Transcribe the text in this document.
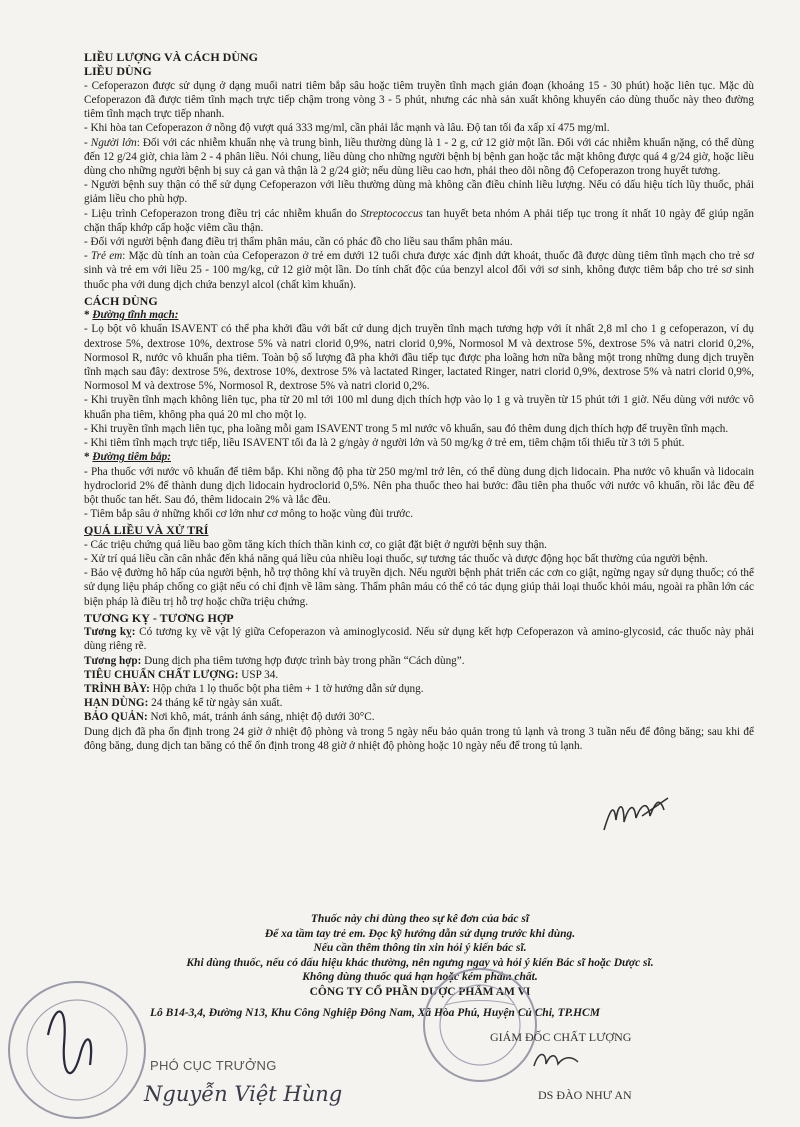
LIỀU LƯỢNG VÀ CÁCH DÙNG

LIỀU DÙNG

- Cefoperazon được sử dụng ở dạng muối natri tiêm bắp sâu hoặc tiêm truyền tĩnh mạch gián đoạn (khoảng 15 - 30 phút) hoặc liên tục. Mặc dù Cefoperazon đã được tiêm tĩnh mạch trực tiếp chậm trong vòng 3 - 5 phút, nhưng các nhà sản xuất không khuyến cáo dùng thuốc này theo đường tiêm tĩnh mạch trực tiếp nhanh.

- Khi hòa tan Cefoperazon ở nồng độ vượt quá 333 mg/ml, cần phải lắc mạnh và lâu. Độ tan tối đa xấp xỉ 475 mg/ml.

- Người lớn: Đối với các nhiễm khuẩn nhẹ và trung bình, liều thường dùng là 1 - 2 g, cứ 12 giờ một lần. Đối với các nhiễm khuẩn nặng, có thể dùng đến 12 g/24 giờ, chia làm 2 - 4 phân liều. Nói chung, liều dùng cho những người bệnh bị bệnh gan hoặc tắc mật không được quá 4 g/24 giờ, hoặc liều dùng cho những người bệnh bị suy cả gan và thận là 2 g/24 giờ; nếu dùng liều cao hơn, phải theo dõi nồng độ Cefoperazon trong huyết tương.

- Người bệnh suy thận có thể sử dụng Cefoperazon với liều thường dùng mà không cần điều chỉnh liều lượng. Nếu có dấu hiệu tích lũy thuốc, phải giảm liều cho phù hợp.

- Liệu trình Cefoperazon trong điều trị các nhiễm khuẩn do Streptococcus tan huyết beta nhóm A phải tiếp tục trong ít nhất 10 ngày để giúp ngăn chặn thấp khớp cấp hoặc viêm cầu thận.

- Đối với người bệnh đang điều trị thẩm phân máu, cần có phác đồ cho liều sau thẩm phân máu.

- Trẻ em: Mặc dù tính an toàn của Cefoperazon ở trẻ em dưới 12 tuổi chưa được xác định dứt khoát, thuốc đã được dùng tiêm tĩnh mạch cho trẻ sơ sinh và trẻ em với liều 25 - 100 mg/kg, cứ 12 giờ một lần. Do tính chất độc của benzyl alcol đối với sơ sinh, không được tiêm bắp cho trẻ sơ sinh thuốc pha với dung dịch chứa benzyl alcol (chất kìm khuẩn).

CÁCH DÙNG

* Đường tĩnh mạch:

- Lọ bột vô khuẩn ISAVENT có thể pha khởi đầu với bất cứ dung dịch truyền tĩnh mạch tương hợp với ít nhất 2,8 ml cho 1 g cefoperazon, ví dụ dextrose 5%, dextrose 10%, dextrose 5% và natri clorid 0,9%, natri clorid 0,9%, Normosol M và dextrose 5%, dextrose 5% và natri clorid 0,2%, Normosol R, nước vô khuẩn pha tiêm. Toàn bộ số lượng đã pha khởi đầu tiếp tục được pha loãng hơn nữa bằng một trong những dung dịch truyền tĩnh mạch sau đây: dextrose 5%, dextrose 10%, dextrose 5% và lactated Ringer, lactated Ringer, natri clorid 0,9%, dextrose 5% và natri clorid 0,9%, Normosol M và dextrose 5%, Normosol R, dextrose 5% và natri clorid 0,2%.

- Khi truyền tĩnh mạch không liên tục, pha từ 20 ml tới 100 ml dung dịch thích hợp vào lọ 1 g và truyền từ 15 phút tới 1 giờ. Nếu dùng với nước vô khuẩn pha tiêm, không pha quá 20 ml cho một lọ.

- Khi truyền tĩnh mạch liên tục, pha loãng mỗi gam ISAVENT trong 5 ml nước vô khuẩn, sau đó thêm dung dịch thích hợp để truyền tĩnh mạch.

- Khi tiêm tĩnh mạch trực tiếp, liều ISAVENT tối đa là 2 g/ngày ở người lớn và 50 mg/kg ở trẻ em, tiêm chậm tối thiểu từ 3 tới 5 phút.

* Đường tiêm bắp:

- Pha thuốc với nước vô khuẩn để tiêm bắp. Khi nồng độ pha từ 250 mg/ml trở lên, có thể dùng dung dịch lidocain. Pha nước vô khuẩn và lidocain hydroclorid 2% để thành dung dịch lidocain hydroclorid 0,5%. Nên pha thuốc theo hai bước: đầu tiên pha thuốc với nước vô khuẩn, rồi lắc đều để bột thuốc tan hết. Sau đó, thêm lidocain 2% và lắc đều.

- Tiêm bắp sâu ở những khối cơ lớn như cơ mông to hoặc vùng đùi trước.

QUÁ LIỀU VÀ XỬ TRÍ

- Các triệu chứng quá liều bao gồm tăng kích thích thần kinh cơ, co giật đặt biệt ở người bệnh suy thận.

- Xử trí quá liều cần cân nhắc đến khả năng quá liều của nhiều loại thuốc, sự tương tác thuốc và dược động học bất thường của người bệnh.

- Bảo vệ đường hô hấp của người bệnh, hỗ trợ thông khí và truyền dịch. Nếu người bệnh phát triển các cơn co giật, ngừng ngay sử dụng thuốc; có thể sử dụng liệu pháp chống co giật nếu có chỉ định về lâm sàng. Thẩm phân máu có thể có tác dụng giúp thải loại thuốc khỏi máu, ngoài ra phần lớn các biện pháp là điều trị hỗ trợ hoặc chữa triệu chứng.

TƯƠNG KỴ - TƯƠNG HỢP

Tương kỵ: Có tương kỵ về vật lý giữa Cefoperazon và aminoglycosid. Nếu sử dụng kết hợp Cefoperazon và amino-glycosid, các thuốc này phải dùng riêng rẽ.

Tương hợp: Dung dịch pha tiêm tương hợp được trình bày trong phần “Cách dùng”.

TIÊU CHUẨN CHẤT LƯỢNG: USP 34.

TRÌNH BÀY: Hộp chứa 1 lọ thuốc bột pha tiêm + 1 tờ hướng dẫn sử dụng.

HẠN DÙNG: 24 tháng kể từ ngày sản xuất.

BẢO QUẢN: Nơi khô, mát, tránh ánh sáng, nhiệt độ dưới 30°C.

Dung dịch đã pha ổn định trong 24 giờ ở nhiệt độ phòng và trong 5 ngày nếu bảo quản trong tủ lạnh và trong 3 tuần nếu để đông băng; sau khi để đông băng, dung dịch tan băng có thể ổn định trong 48 giờ ở nhiệt độ phòng hoặc 10 ngày nếu để trong tủ lạnh.

Thuốc này chỉ dùng theo sự kê đơn của bác sĩ
Để xa tầm tay trẻ em. Đọc kỹ hướng dẫn sử dụng trước khi dùng.
Nếu cần thêm thông tin xin hỏi ý kiến bác sĩ.
Khi dùng thuốc, nếu có dấu hiệu khác thường, nên ngưng ngay và hỏi ý kiến Bác sĩ hoặc Dược sĩ.
Không dùng thuốc quá hạn hoặc kém phẩm chất.
CÔNG TY CỔ PHẦN DƯỢC PHẨM AM VI
Lô B14-3,4, Đường N13, Khu Công Nghiệp Đông Nam, Xã Hòa Phú, Huyện Củ Chi, TP.HCM
PHÓ CỤC TRƯỞNG
Nguyễn Việt Hùng
GIÁM ĐỐC CHẤT LƯỢNG
DS ĐÀO NHƯ AN
